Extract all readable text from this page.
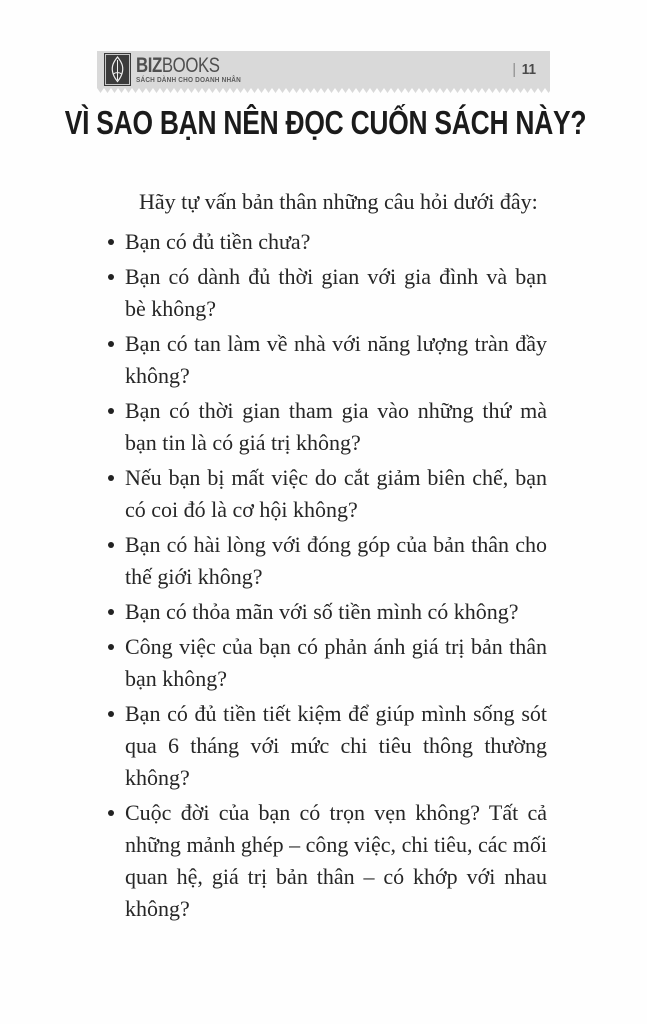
BIZBOOKS
SÁCH DÀNH CHO DOANH NHÂN
| 11
VÌ SAO BẠN NÊN ĐỌC CUỐN SÁCH NÀY?

Hãy tự vấn bản thân những câu hỏi dưới đây:

Bạn có đủ tiền chưa?
Bạn có dành đủ thời gian với gia đình và bạn bè không?
Bạn có tan làm về nhà với năng lượng tràn đầy không?
Bạn có thời gian tham gia vào những thứ mà bạn tin là có giá trị không?
Nếu bạn bị mất việc do cắt giảm biên chế, bạn có coi đó là cơ hội không?
Bạn có hài lòng với đóng góp của bản thân cho thế giới không?
Bạn có thỏa mãn với số tiền mình có không?
Công việc của bạn có phản ánh giá trị bản thân bạn không?
Bạn có đủ tiền tiết kiệm để giúp mình sống sót qua 6 tháng với mức chi tiêu thông thường không?
Cuộc đời của bạn có trọn vẹn không? Tất cả những mảnh ghép – công việc, chi tiêu, các mối quan hệ, giá trị bản thân – có khớp với nhau không?
